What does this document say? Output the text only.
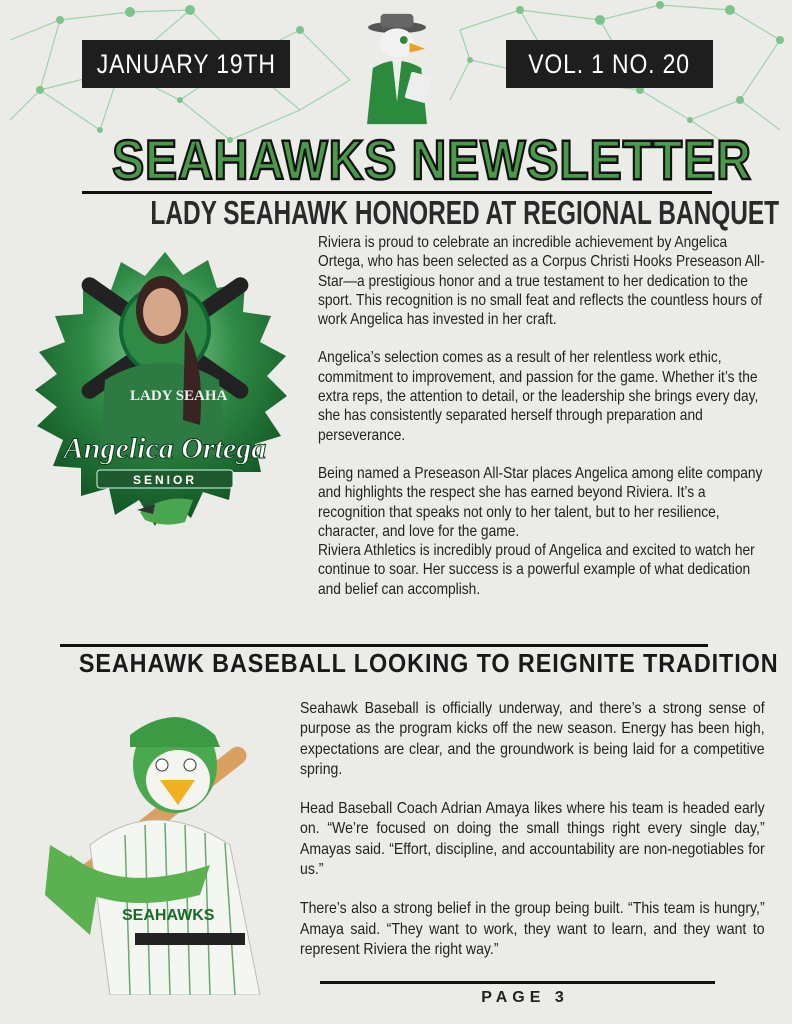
JANUARY 19TH	VOL. 1 NO. 20
SEAHAWKS NEWSLETTER
LADY SEAHAWK HONORED AT REGIONAL BANQUET
LADY SEAHA
Angelica Ortega
SENIOR

Riviera is proud to celebrate an incredible achievement by Angelica Ortega, who has been selected as a Corpus Christi Hooks Preseason All-Star—a prestigious honor and a true testament to her dedication to the sport. This recognition is no small feat and reflects the countless hours of work Angelica has invested in her craft.

Angelica’s selection comes as a result of her relentless work ethic, commitment to improvement, and passion for the game. Whether it’s the extra reps, the attention to detail, or the leadership she brings every day, she has consistently separated herself through preparation and perseverance.

Being named a Preseason All-Star places Angelica among elite company and highlights the respect she has earned beyond Riviera. It’s a recognition that speaks not only to her talent, but to her resilience, character, and love for the game.

Riviera Athletics is incredibly proud of Angelica and excited to watch her continue to soar. Her success is a powerful example of what dedication and belief can accomplish.

SEAHAWK BASEBALL LOOKING TO REIGNITE TRADITION
SEAHAWKS

Seahawk Baseball is officially underway, and there’s a strong sense of purpose as the program kicks off the new season. Energy has been high, expectations are clear, and the groundwork is being laid for a competitive spring.

Head Baseball Coach Adrian Amaya likes where his team is headed early on. “We’re focused on doing the small things right every single day,” Amayas said. “Effort, discipline, and accountability are non-negotiables for us.”

There’s also a strong belief in the group being built. “This team is hungry,” Amaya said. “They want to work, they want to learn, and they want to represent Riviera the right way.”

PAGE 3
